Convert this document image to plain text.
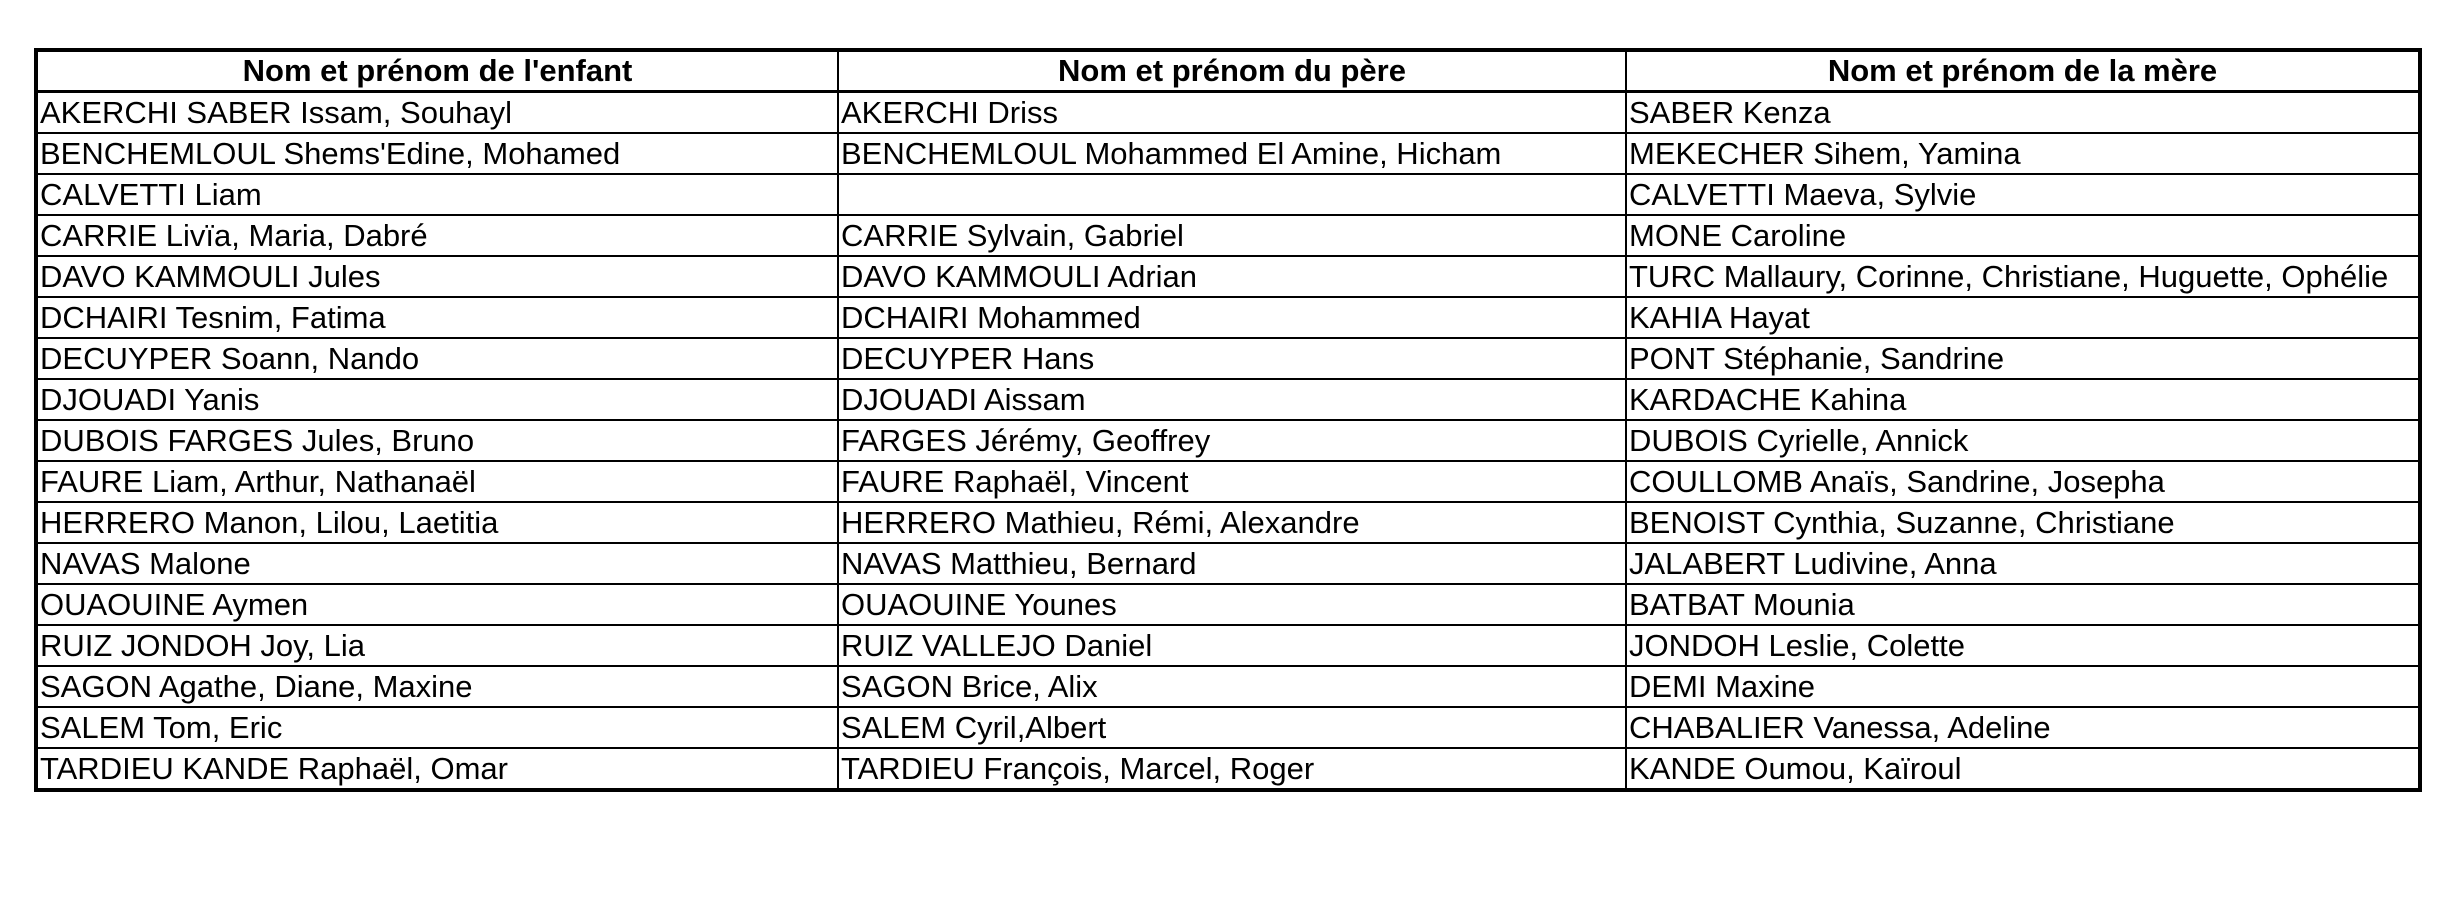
Nom et prénom de l'enfant	Nom et prénom du père	Nom et prénom de la mère
AKERCHI SABER Issam, Souhayl	AKERCHI Driss	SABER Kenza
BENCHEMLOUL Shems'Edine, Mohamed	BENCHEMLOUL Mohammed El Amine, Hicham	MEKECHER Sihem, Yamina
CALVETTI Liam		CALVETTI Maeva, Sylvie
CARRIE Livïa, Maria, Dabré	CARRIE Sylvain, Gabriel	MONE Caroline
DAVO KAMMOULI Jules	DAVO KAMMOULI Adrian	TURC Mallaury, Corinne, Christiane, Huguette, Ophélie
DCHAIRI Tesnim, Fatima	DCHAIRI Mohammed	KAHIA Hayat
DECUYPER Soann, Nando	DECUYPER Hans	PONT Stéphanie, Sandrine
DJOUADI Yanis	DJOUADI Aissam	KARDACHE Kahina
DUBOIS FARGES Jules, Bruno	FARGES Jérémy, Geoffrey	DUBOIS Cyrielle, Annick
FAURE Liam, Arthur, Nathanaël	FAURE Raphaël, Vincent	COULLOMB Anaïs, Sandrine, Josepha
HERRERO Manon, Lilou, Laetitia	HERRERO Mathieu, Rémi, Alexandre	BENOIST Cynthia, Suzanne, Christiane
NAVAS Malone	NAVAS Matthieu, Bernard	JALABERT Ludivine, Anna
OUAOUINE Aymen	OUAOUINE Younes	BATBAT Mounia
RUIZ JONDOH Joy, Lia	RUIZ VALLEJO Daniel	JONDOH Leslie, Colette
SAGON Agathe, Diane, Maxine	SAGON Brice, Alix	DEMI Maxine
SALEM Tom, Eric	SALEM Cyril,Albert	CHABALIER Vanessa, Adeline
TARDIEU KANDE Raphaël, Omar	TARDIEU François, Marcel, Roger	KANDE Oumou, Kaïroul
